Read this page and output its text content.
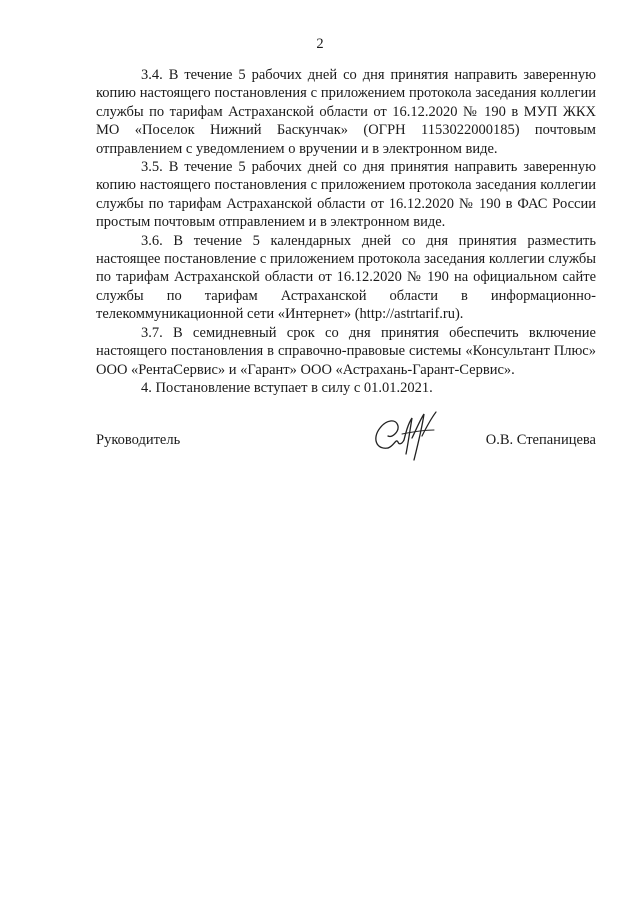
2

3.4. В течение 5 рабочих дней со дня принятия направить заверенную копию настоящего постановления с приложением протокола заседания коллегии службы по тарифам Астраханской области от 16.12.2020 № 190 в МУП ЖКХ МО «Поселок Нижний Баскунчак» (ОГРН 1153022000185) почтовым отправлением с уведомлением о вручении и в электронном виде.

3.5. В течение 5 рабочих дней со дня принятия направить заверенную копию настоящего постановления с приложением протокола заседания коллегии службы по тарифам Астраханской области от 16.12.2020 № 190 в ФАС России простым почтовым отправлением и в электронном виде.

3.6. В течение 5 календарных дней со дня принятия разместить настоящее постановление с приложением протокола заседания коллегии службы по тарифам Астраханской области от 16.12.2020 № 190 на официальном сайте службы по тарифам Астраханской области в информационно-телекоммуникационной сети «Интернет» (http://astrtarif.ru).

3.7. В семидневный срок со дня принятия обеспечить включение настоящего постановления в справочно-правовые системы «Консультант Плюс» ООО «РентаСервис» и «Гарант» ООО «Астрахань-Гарант-Сервис».

4. Постановление вступает в силу с 01.01.2021.

Руководитель	О.В. Степаницева
